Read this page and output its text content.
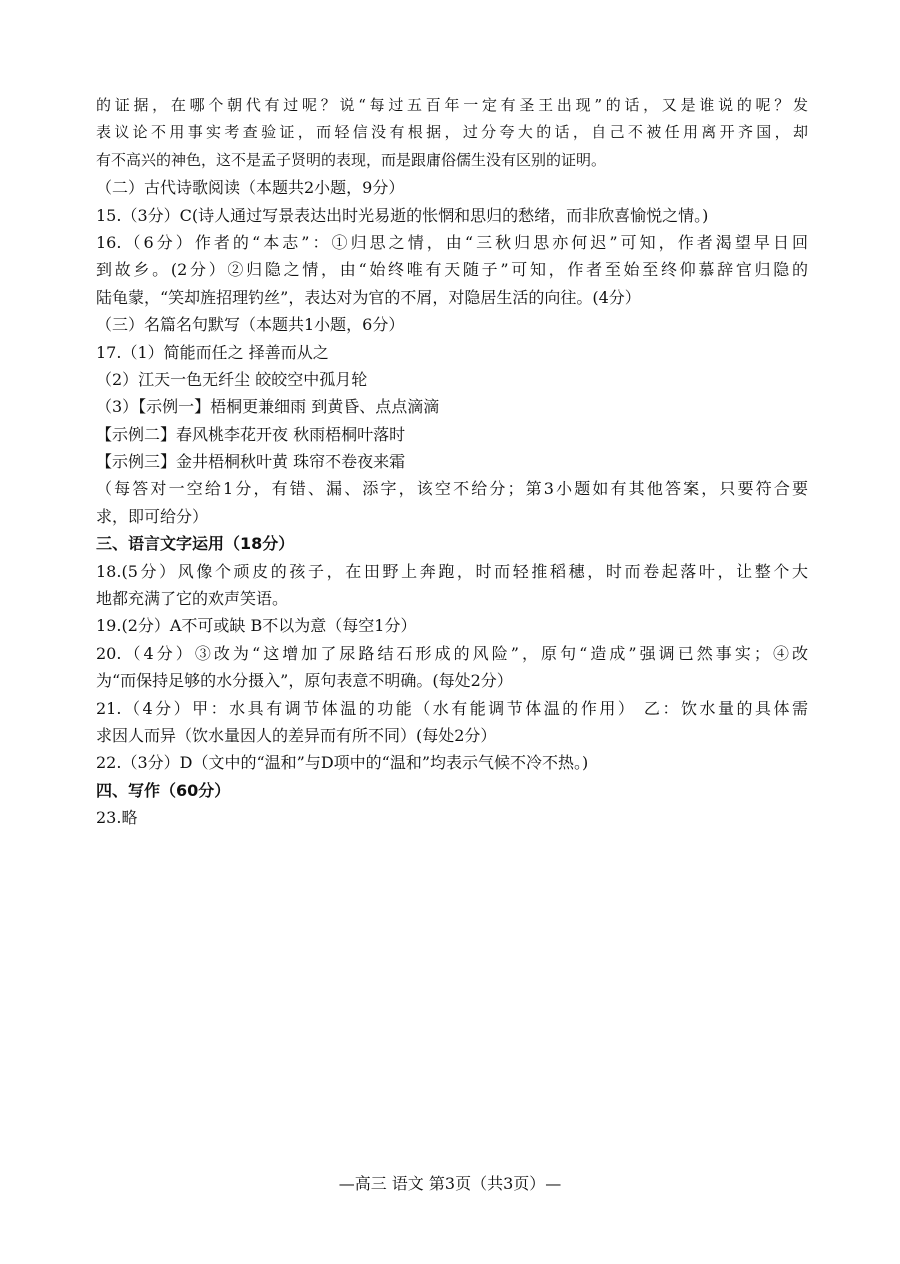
的证据，在哪个朝代有过呢？说“每过五百年一定有圣王出现”的话，又是谁说的呢？发
表议论不用事实考查验证，而轻信没有根据，过分夸大的话，自己不被任用离开齐国，却
有不高兴的神色，这不是孟子贤明的表现，而是跟庸俗儒生没有区别的证明。
（二）古代诗歌阅读（本题共2小题，9分）
15.（3分）C(诗人通过写景表达出时光易逝的怅惘和思归的愁绪，而非欣喜愉悦之情。)
16.（6分）作者的“本志”：①归思之情，由“三秋归思亦何迟”可知，作者渴望早日回
到故乡。(2分）②归隐之情，由“始终唯有天随子”可知，作者至始至终仰慕辞官归隐的
陆龟蒙，“笑却旌招理钓丝”，表达对为官的不屑，对隐居生活的向往。(4分）
（三）名篇名句默写（本题共1小题，6分）
17.（1）简能而任之 择善而从之
（2）江天一色无纤尘 皎皎空中孤月轮
（3）【示例一】梧桐更兼细雨 到黄昏、点点滴滴
【示例二】春风桃李花开夜 秋雨梧桐叶落时
【示例三】金井梧桐秋叶黄 珠帘不卷夜来霜
（每答对一空给1分，有错、漏、添字，该空不给分；第3小题如有其他答案，只要符合要
求，即可给分）
三、语言文字运用（18分）
18.(5分）风像个顽皮的孩子，在田野上奔跑，时而轻推稻穗，时而卷起落叶，让整个大
地都充满了它的欢声笑语。
19.(2分）A不可或缺 B不以为意（每空1分）
20.（4分）③改为“这增加了尿路结石形成的风险”，原句“造成”强调已然事实；④改
为“而保持足够的水分摄入”，原句表意不明确。(每处2分）
21.（4分）甲：水具有调节体温的功能（水有能调节体温的作用） 乙：饮水量的具体需
求因人而异（饮水量因人的差异而有所不同）(每处2分）
22.（3分）D（文中的“温和”与D项中的“温和”均表示气候不冷不热。)
四、写作（60分）
23.略
—高三 语文 第3页（共3页）—
